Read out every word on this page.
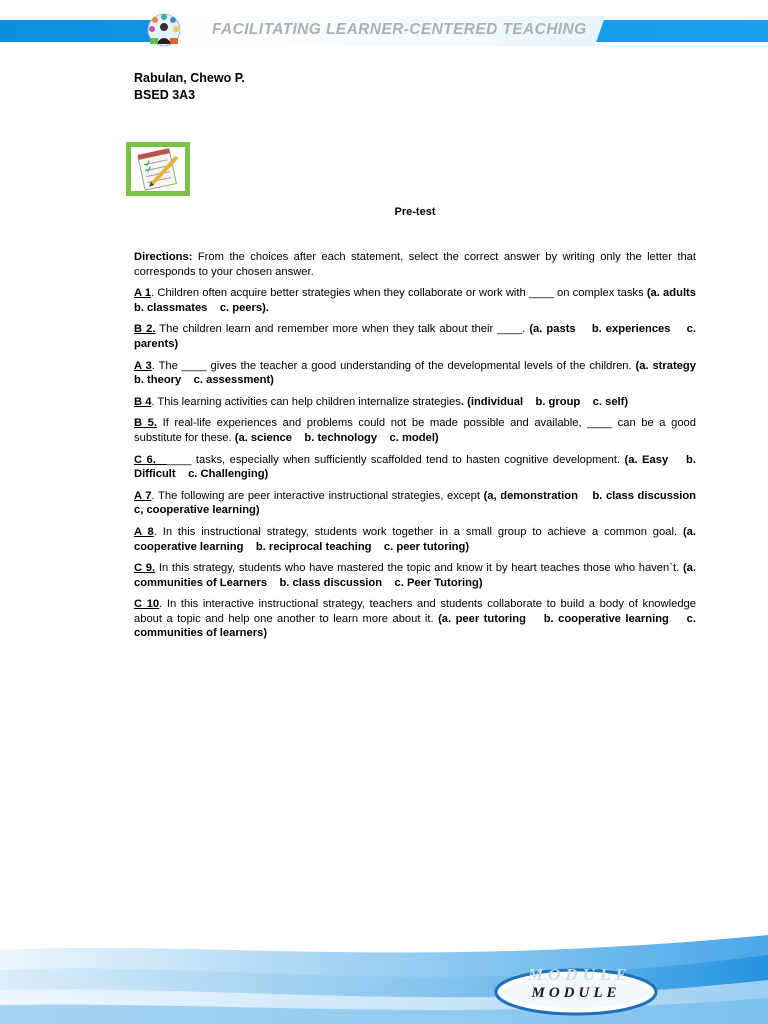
FACILITATING LEARNER-CENTERED TEACHING
Rabulan, Chewo P.
BSED 3A3
Pre-test

Directions: From the choices after each statement, select the correct answer by writing only the letter that corresponds to your chosen answer.

A 1. Children often acquire better strategies when they collaborate or work with ____ on complex tasks (a. adults    b. classmates    c. peers).

B 2. The children learn and remember more when they talk about their ____. (a. pasts    b. experiences    c. parents)

A 3. The ____ gives the teacher a good understanding of the developmental levels of the children. (a. strategy    b. theory    c. assessment)

B 4. This learning activities can help children internalize strategies. (individual    b. group    c. self)

B 5. If real-life experiences and problems could not be made possible and available, ____ can be a good substitute for these. (a. science    b. technology    c. model)

C 6. _____ tasks, especially when sufficiently scaffolded tend to hasten cognitive development. (a. Easy    b. Difficult    c. Challenging)

A 7. The following are peer interactive instructional strategies, except (a, demonstration    b. class discussion    c, cooperative learning)

A 8. In this instructional strategy, students work together in a small group to achieve a common goal. (a. cooperative learning    b. reciprocal teaching    c. peer tutoring)

C 9. In this strategy, students who have mastered the topic and know it by heart teaches those who haven`t. (a. communities of Learners    b. class discussion    c. Peer Tutoring)

C 10. In this interactive instructional strategy, teachers and students collaborate to build a body of knowledge about a topic and help one another to learn more about it. (a. peer tutoring    b. cooperative learning    c. communities of learners)

MODULE
MODULE
